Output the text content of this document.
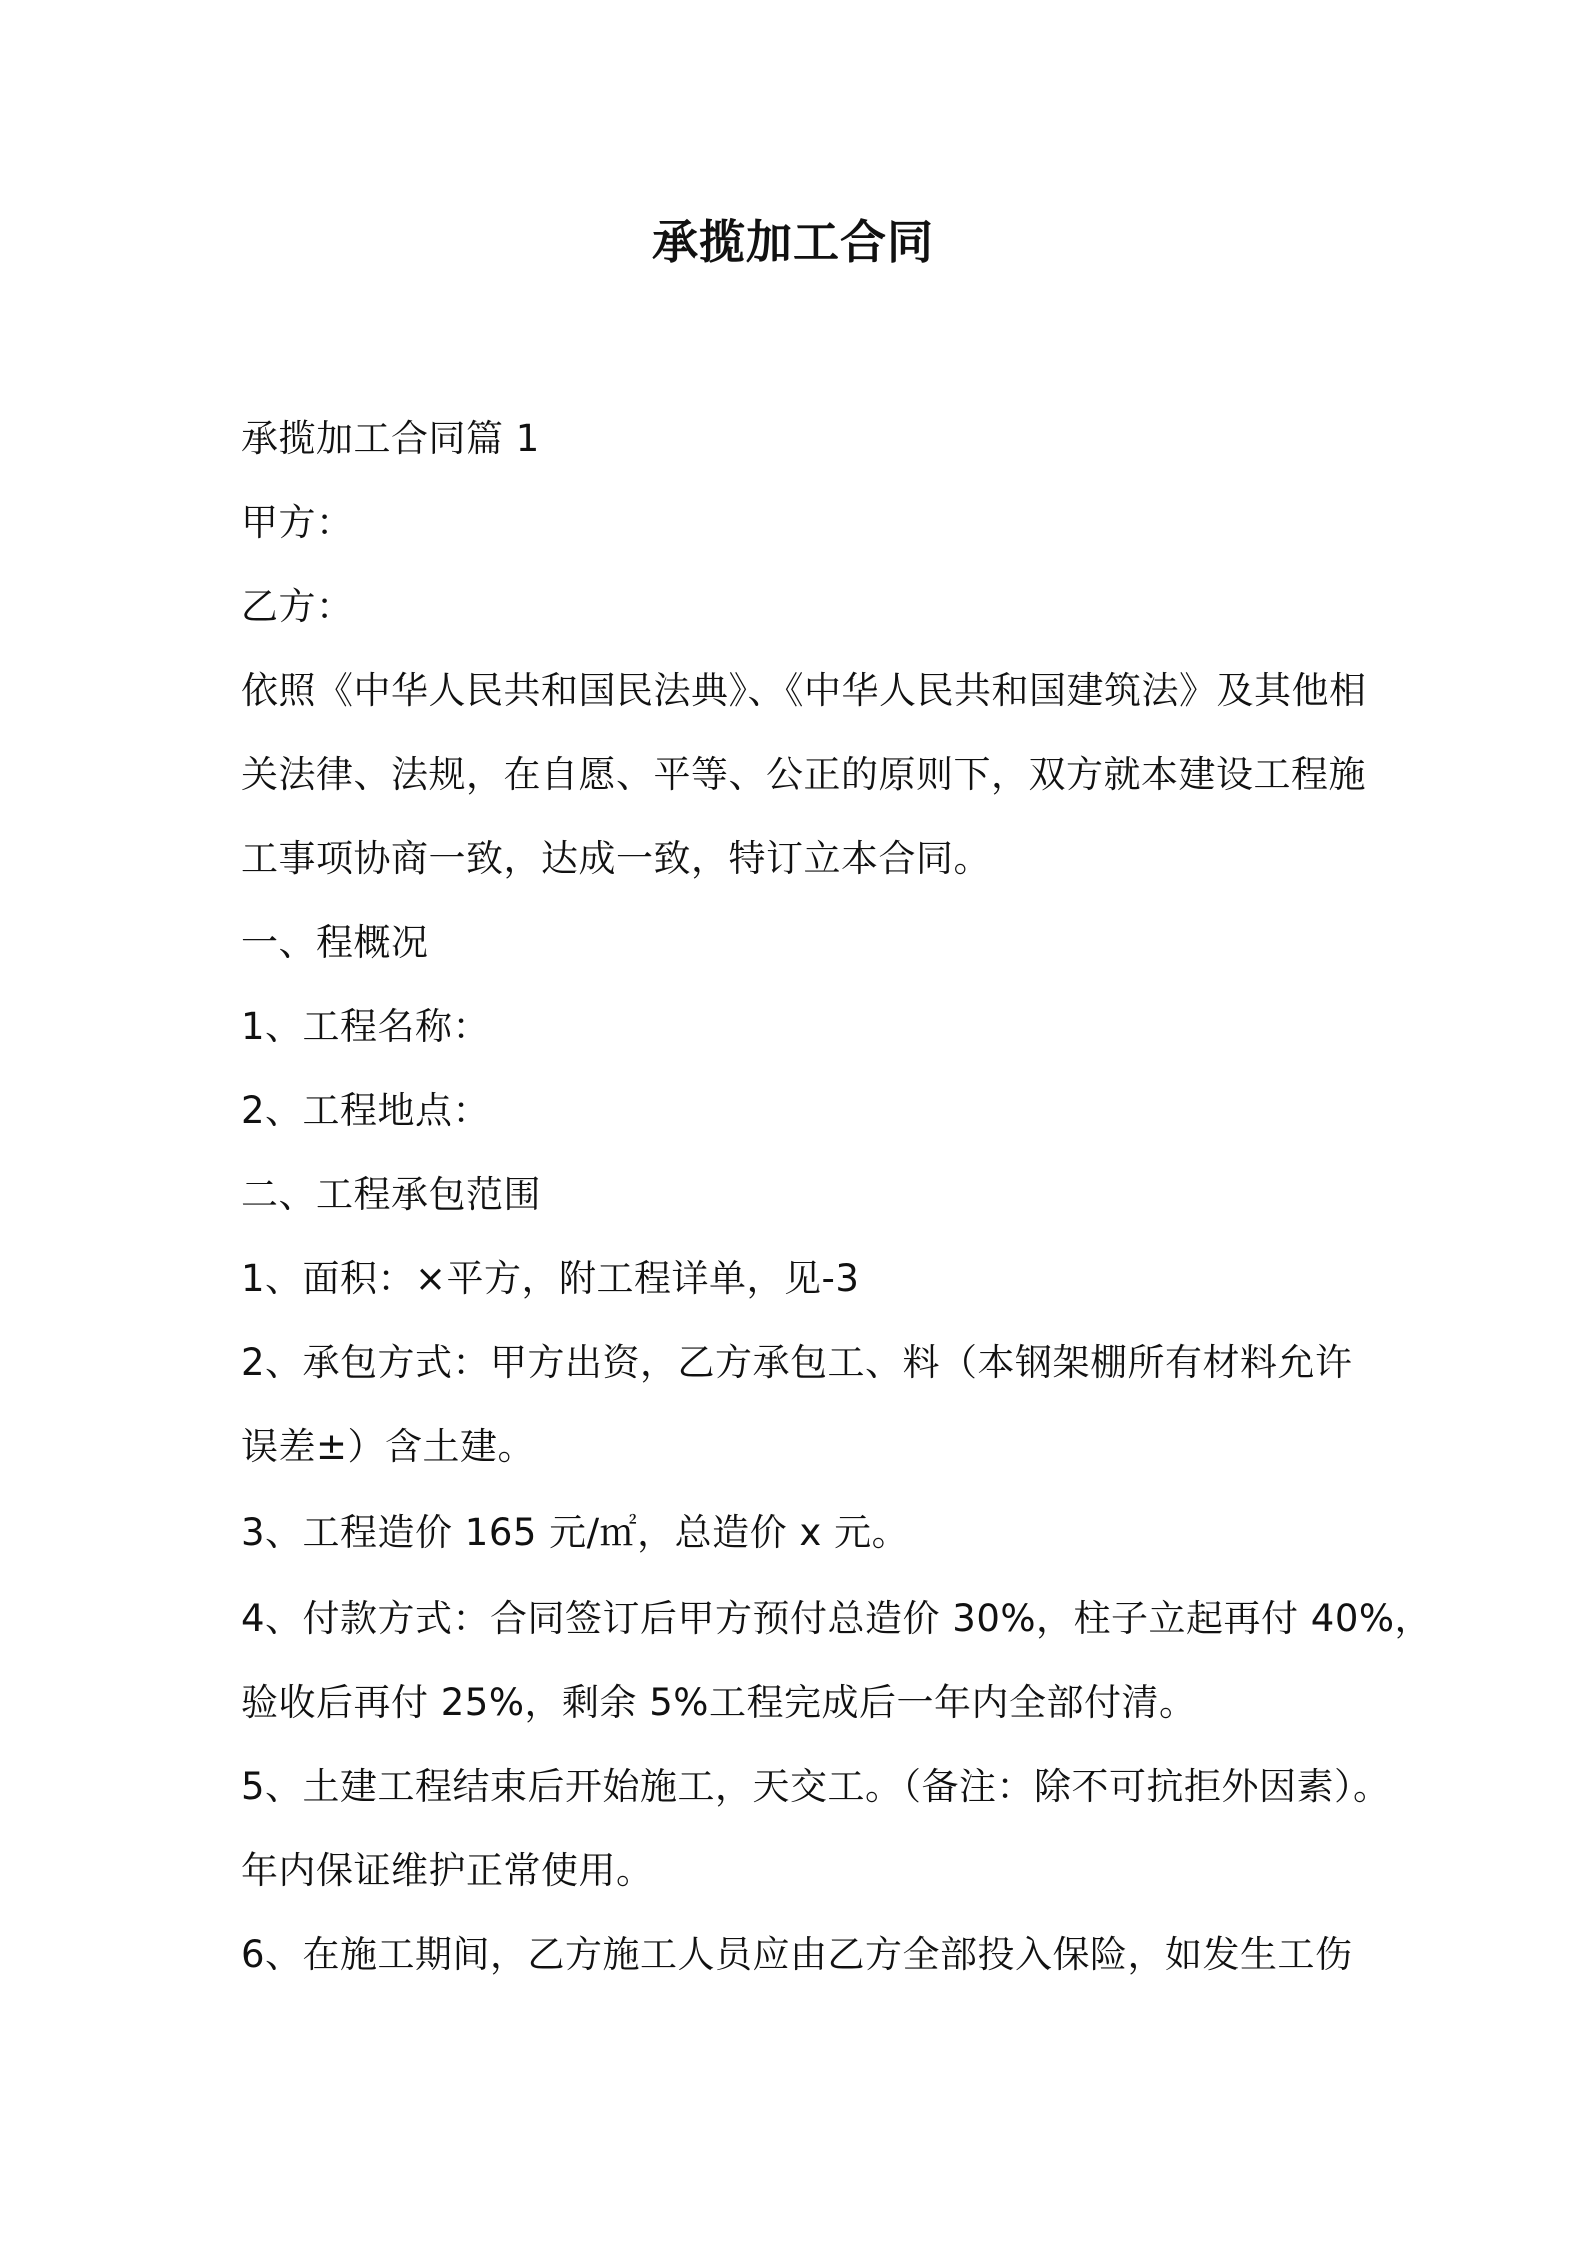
承揽加工合同
承揽加工合同篇 1
甲方：
乙方：
依照《中华人民共和国民法典》、《中华人民共和国建筑法》及其他相
关法律、法规，在自愿、平等、公正的原则下，双方就本建设工程施
工事项协商一致，达成一致，特订立本合同。
一、程概况
1、工程名称：
2、工程地点：
二、工程承包范围
1、面积：×平方，附工程详单，见-3
2、承包方式：甲方出资，乙方承包工、料（本钢架棚所有材料允许
误差±）含土建。
3、工程造价 165 元/㎡，总造价 x 元。
4、付款方式：合同签订后甲方预付总造价 30%，柱子立起再付 40%，
验收后再付 25%，剩余 5%工程完成后一年内全部付清。
5、土建工程结束后开始施工，天交工。（备注：除不可抗拒外因素）。
年内保证维护正常使用。
6、在施工期间，乙方施工人员应由乙方全部投入保险，如发生工伤
